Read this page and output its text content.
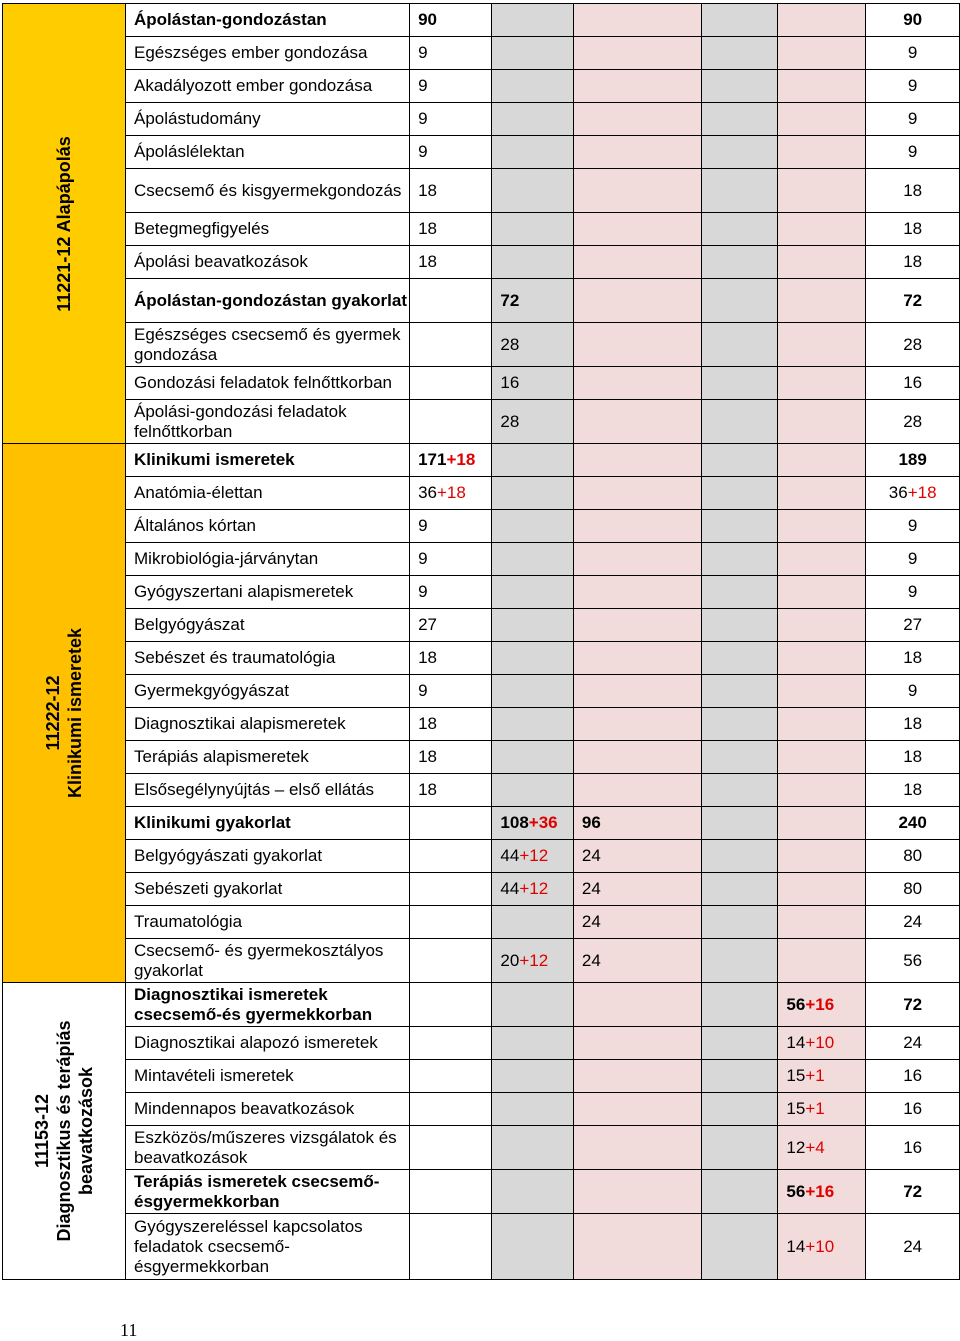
11221-12 Alapápolás	Ápolástan-gondozástan	90					90
	Egészséges ember gondozása	9					9
	Akadályozott ember gondozása	9					9
	Ápolástudomány	9					9
	Ápoláslélektan	9					9
	Csecsemő és kisgyermekgondozás	18					18
	Betegmegfigyelés	18					18
	Ápolási beavatkozások	18					18
	Ápolástan-gondozástan gyakorlat		72				72
	Egészséges csecsemő és gyermek gondozása		28				28
	Gondozási feladatok felnőttkorban		16				16
	Ápolási-gondozási feladatok felnőttkorban		28				28

11222-12
Klinikumi ismeretek	Klinikumi ismeretek	171+18					189
	Anatómia-élettan	36+18					36+18
	Általános kórtan	9					9
	Mikrobiológia-járványtan	9					9
	Gyógyszertani alapismeretek	9					9
	Belgyógyászat	27					27
	Sebészet és traumatológia	18					18
	Gyermekgyógyászat	9					9
	Diagnosztikai alapismeretek	18					18
	Terápiás alapismeretek	18					18
	Elsősegélynyújtás – első ellátás	18					18
	Klinikumi gyakorlat		108+36	96			240
	Belgyógyászati gyakorlat		44+12	24			80
	Sebészeti gyakorlat		44+12	24			80
	Traumatológia			24			24
	Csecsemő- és gyermekosztályos gyakorlat		20+12	24			56

11153-12
Diagnosztikus és terápiás
beavatkozások	Diagnosztikai ismeretek csecsemő-és gyermekkorban					56+16	72
	Diagnosztikai alapozó ismeretek					14+10	24
	Mintavételi ismeretek					15+1	16
	Mindennapos beavatkozások					15+1	16
	Eszközös/műszeres vizsgálatok és beavatkozások					12+4	16
	Terápiás ismeretek csecsemő-ésgyermekkorban					56+16	72
	Gyógyszereléssel kapcsolatos feladatok csecsemő-ésgyermekkorban					14+10	24
11
